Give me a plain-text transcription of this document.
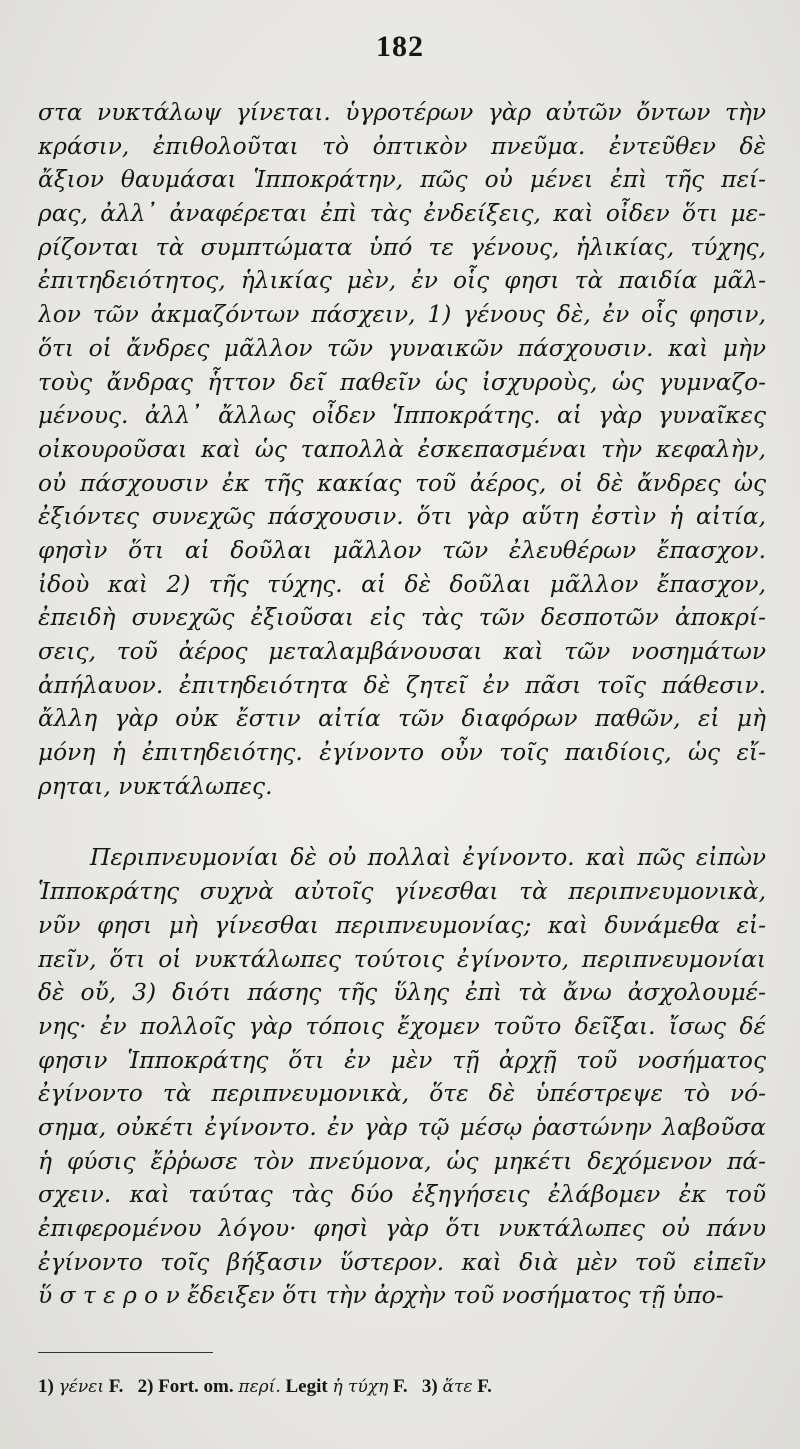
182
στα νυκτάλωψ γίνεται. ὑγροτέρων γὰρ αὐτῶν ὄντων τὴν
κράσιν, ἐπιθολοῦται τὸ ὀπτικὸν πνεῦμα. ἐντεῦθεν δὲ
ἄξιον θαυμάσαι Ἱπποκράτην, πῶς οὐ μένει ἐπὶ τῆς πεί-
ρας, ἀλλ᾽ ἀναφέρεται ἐπὶ τὰς ἐνδείξεις, καὶ οἶδεν ὅτι με-
ρίζονται τὰ συμπτώματα ὑπό τε γένους, ἡλικίας, τύχης,
ἐπιτηδειότητος, ἡλικίας μὲν, ἐν οἷς φησι τὰ παιδία μᾶλ-
λον τῶν ἀκμαζόντων πάσχειν, 1) γένους δὲ, ἐν οἷς φησιν,
ὅτι οἱ ἄνδρες μᾶλλον τῶν γυναικῶν πάσχουσιν. καὶ μὴν
τοὺς ἄνδρας ἧττον δεῖ παθεῖν ὡς ἰσχυροὺς, ὡς γυμναζο-
μένους. ἀλλ᾽ ἄλλως οἶδεν Ἱπποκράτης. αἱ γὰρ γυναῖκες
οἰκουροῦσαι καὶ ὡς ταπολλὰ ἐσκεπασμέναι τὴν κεφαλὴν,
οὐ πάσχουσιν ἐκ τῆς κακίας τοῦ ἀέρος, οἱ δὲ ἄνδρες ὡς
ἐξιόντες συνεχῶς πάσχουσιν. ὅτι γὰρ αὕτη ἐστὶν ἡ αἰτία,
φησὶν ὅτι αἱ δοῦλαι μᾶλλον τῶν ἐλευθέρων ἔπασχον.
ἰδοὺ καὶ 2) τῆς τύχης. αἱ δὲ δοῦλαι μᾶλλον ἔπασχον,
ἐπειδὴ συνεχῶς ἐξιοῦσαι εἰς τὰς τῶν δεσποτῶν ἀποκρί-
σεις, τοῦ ἀέρος μεταλαμβάνουσαι καὶ τῶν νοσημάτων
ἀπήλαυον. ἐπιτηδειότητα δὲ ζητεῖ ἐν πᾶσι τοῖς πάθεσιν.
ἄλλη γὰρ οὐκ ἔστιν αἰτία τῶν διαφόρων παθῶν, εἰ μὴ
μόνη ἡ ἐπιτηδειότης. ἐγίνοντο οὖν τοῖς παιδίοις, ὡς εἴ-
ρηται, νυκτάλωπες.
Περιπνευμονίαι δὲ οὐ πολλαὶ ἐγίνοντο. καὶ πῶς εἰπὼν
Ἱπποκράτης συχνὰ αὐτοῖς γίνεσθαι τὰ περιπνευμονικὰ,
νῦν φησι μὴ γίνεσθαι περιπνευμονίας; καὶ δυνάμεθα εἰ-
πεῖν, ὅτι οἱ νυκτάλωπες τούτοις ἐγίνοντο, περιπνευμονίαι
δὲ οὔ, 3) διότι πάσης τῆς ὕλης ἐπὶ τὰ ἄνω ἀσχολουμέ-
νης· ἐν πολλοῖς γὰρ τόποις ἔχομεν τοῦτο δεῖξαι. ἴσως δέ
φησιν Ἱπποκράτης ὅτι ἐν μὲν τῇ ἀρχῇ τοῦ νοσήματος
ἐγίνοντο τὰ περιπνευμονικὰ, ὅτε δὲ ὑπέστρεψε τὸ νό-
σημα, οὐκέτι ἐγίνοντο. ἐν γὰρ τῷ μέσῳ ῥαστώνην λαβοῦσα
ἡ φύσις ἔῤῥωσε τὸν πνεύμονα, ὡς μηκέτι δεχόμενον πά-
σχειν. καὶ ταύτας τὰς δύο ἐξηγήσεις ἐλάβομεν ἐκ τοῦ
ἐπιφερομένου λόγου· φησὶ γὰρ ὅτι νυκτάλωπες οὐ πάνυ
ἐγίνοντο τοῖς βήξασιν ὕστερον. καὶ διὰ μὲν τοῦ εἰπεῖν
ὕ σ τ ε ρ ο ν ἔδειξεν ὅτι τὴν ἀρχὴν τοῦ νοσήματος τῇ ὑπο-
1) γένει F. 2) Fort. om. περί. Legit ἡ τύχη F. 3) ἅτε F.
